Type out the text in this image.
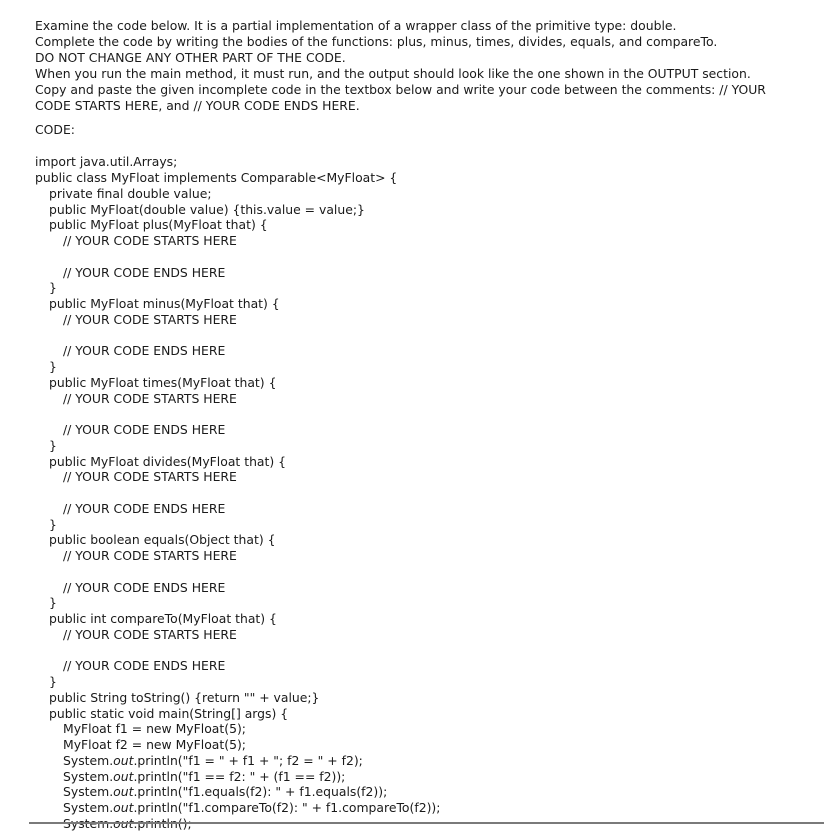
Examine the code below. It is a partial implementation of a wrapper class of the primitive type: double.

Complete the code by writing the bodies of the functions: plus, minus, times, divides, equals, and compareTo.

DO NOT CHANGE ANY OTHER PART OF THE CODE.

When you run the main method, it must run, and the output should look like the one shown in the OUTPUT section.

Copy and paste the given incomplete code in the textbox below and write your code between the comments: // YOUR

CODE STARTS HERE, and // YOUR CODE ENDS HERE.

CODE:
import java.util.Arrays;
public class MyFloat implements Comparable<MyFloat> {
private final double value;
public MyFloat(double value) {this.value = value;}
public MyFloat plus(MyFloat that) {
// YOUR CODE STARTS HERE
// YOUR CODE ENDS HERE
}
public MyFloat minus(MyFloat that) {
// YOUR CODE STARTS HERE
// YOUR CODE ENDS HERE
}
public MyFloat times(MyFloat that) {
// YOUR CODE STARTS HERE
// YOUR CODE ENDS HERE
}
public MyFloat divides(MyFloat that) {
// YOUR CODE STARTS HERE
// YOUR CODE ENDS HERE
}
public boolean equals(Object that) {
// YOUR CODE STARTS HERE
// YOUR CODE ENDS HERE
}
public int compareTo(MyFloat that) {
// YOUR CODE STARTS HERE
// YOUR CODE ENDS HERE
}
public String toString() {return "" + value;}
public static void main(String[] args) {
MyFloat f1 = new MyFloat(5);
MyFloat f2 = new MyFloat(5);
System.out.println("f1 = " + f1 + "; f2 = " + f2);
System.out.println("f1 == f2: " + (f1 == f2));
System.out.println("f1.equals(f2): " + f1.equals(f2));
System.out.println("f1.compareTo(f2): " + f1.compareTo(f2));
